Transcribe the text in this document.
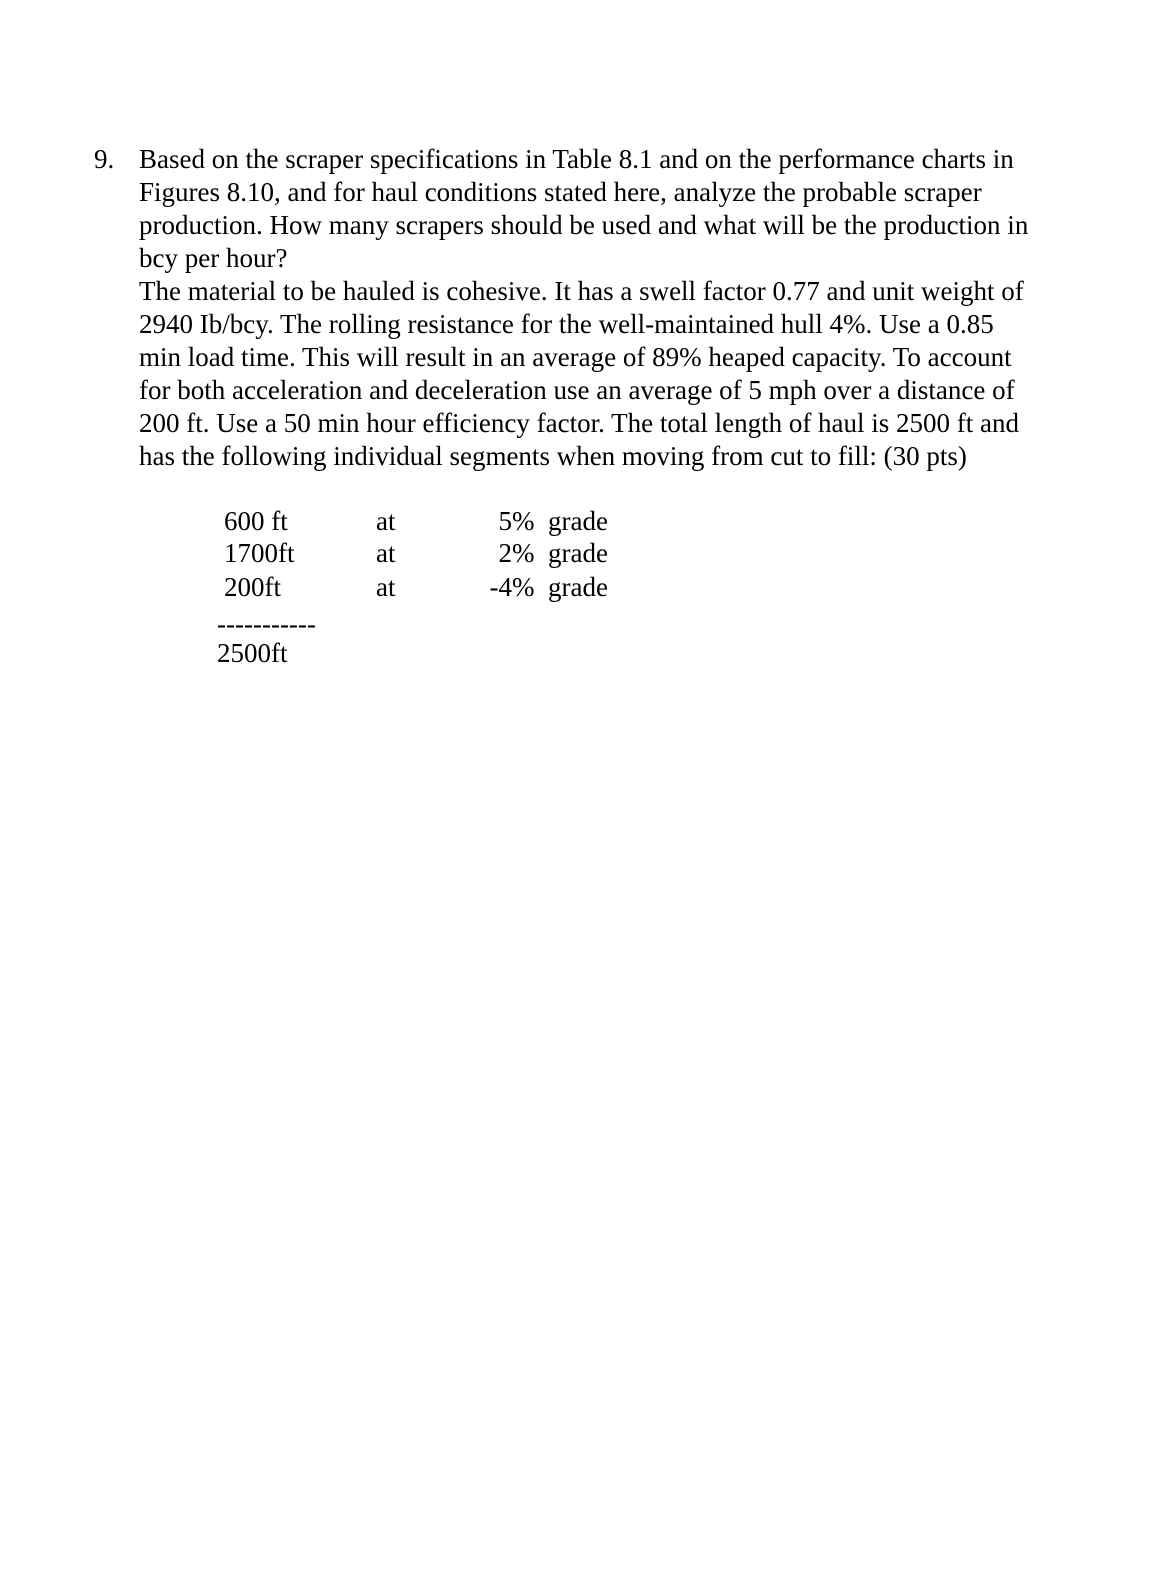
9. Based on the scraper specifications in Table 8.1 and on the performance charts in
Figures 8.10, and for haul conditions stated here, analyze the probable scraper
production. How many scrapers should be used and what will be the production in
bcy per hour?
The material to be hauled is cohesive. It has a swell factor 0.77 and unit weight of
2940 Ib/bcy. The rolling resistance for the well-maintained hull 4%. Use a 0.85
min load time. This will result in an average of 89% heaped capacity. To account
for both acceleration and deceleration use an average of 5 mph over a distance of
200 ft. Use a 50 min hour efficiency factor. The total length of haul is 2500 ft and
has the following individual segments when moving from cut to fill: (30 pts)
600 ft	at	5%  grade
1700ft	at	2%  grade
200ft	at	-4%  grade
-----------
2500ft
